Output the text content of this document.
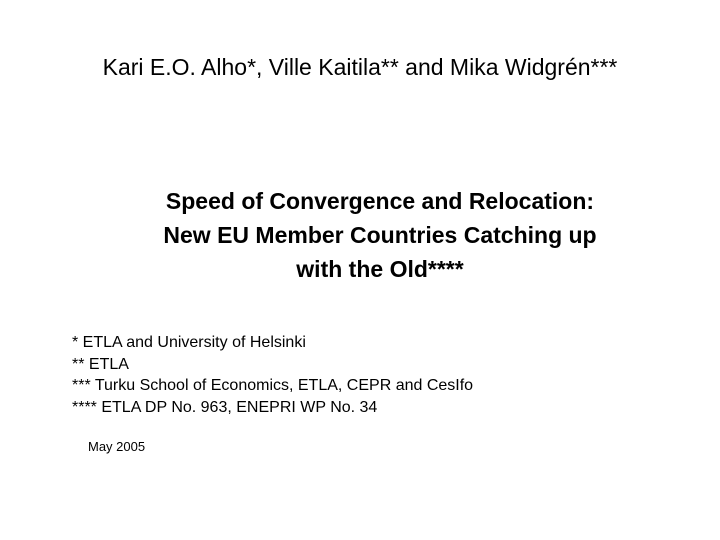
Kari E.O. Alho*, Ville Kaitila** and Mika Widgrén***
Speed of Convergence and Relocation:
New EU Member Countries Catching up
with the Old****
* ETLA and University of Helsinki
** ETLA
*** Turku School of Economics, ETLA, CEPR and CesIfo
**** ETLA DP No. 963, ENEPRI WP No. 34
May 2005
